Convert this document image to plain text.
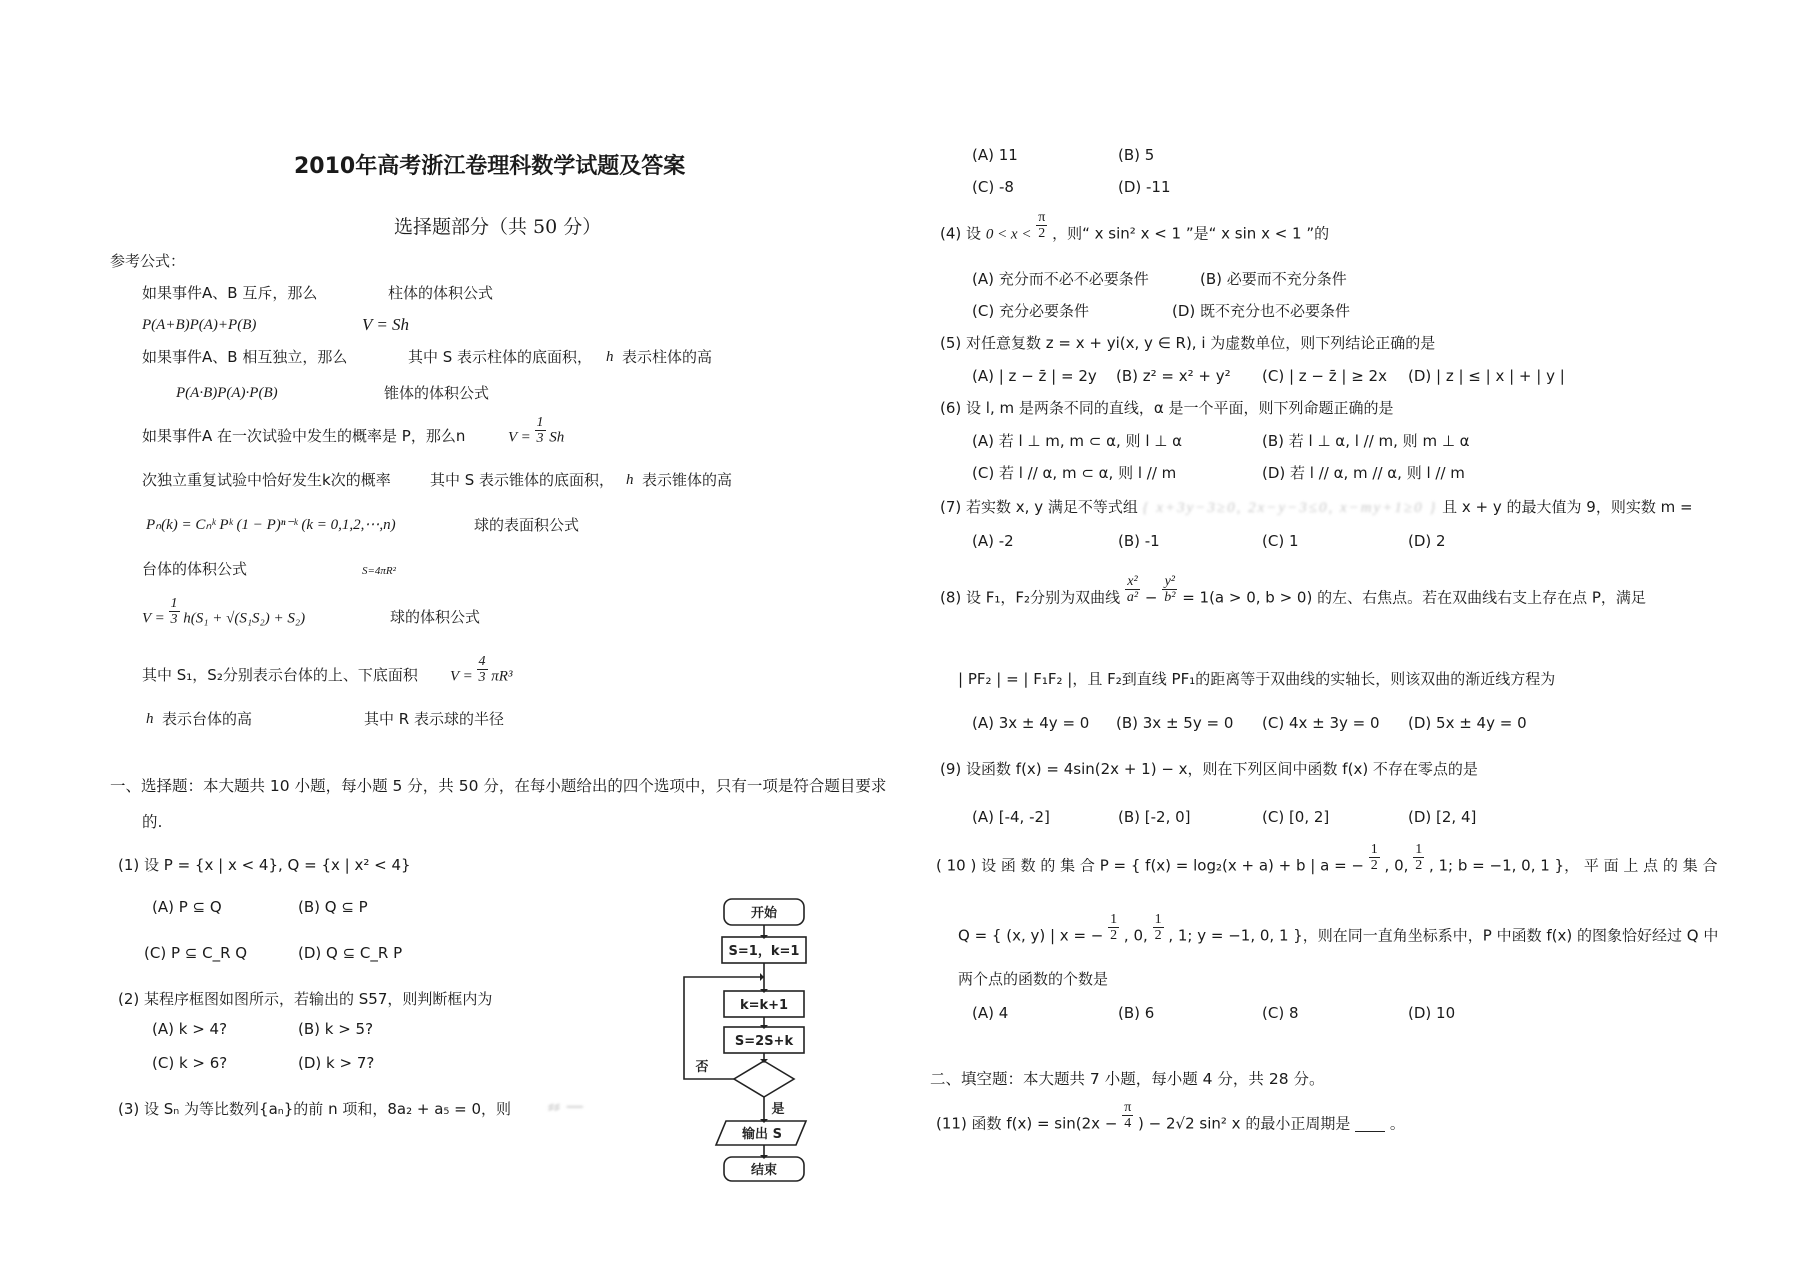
2010年高考浙江卷理科数学试题及答案
选择题部分（共 50 分）
参考公式：
如果事件A、B 互斥，那么	柱体的体积公式
P(A+B)P(A)+P(B)	V = Sh
如果事件A、B 相互独立，那么	其中 S 表示柱体的底面积， h 表示柱体的高
P(A·B)P(A)·P(B)	锥体的体积公式
如果事件A 在一次试验中发生的概率是 P，那么n	$V = \frac{1}{3}$ Sh
次独立重复试验中恰好发生k次的概率	其中 S 表示锥体的底面积， h 表示锥体的高
Pₙ(k) = Cₙᵏ Pᵏ (1 − P)ⁿ⁻ᵏ (k = 0,1,2,⋯,n)	球的表面积公式
台体的体积公式	S=4πR²
$V = \frac{1}{3} h(S_1 + √(S_1S_2) + S_2)$	球的体积公式
其中 S₁，S₂分别表示台体的上、下底面积 $V = \frac{4}{3} \pi R^3$
h 表示台体的高	其中 R 表示球的半径
一、选择题：本大题共 10 小题，每小题 5 分，共 50 分，在每小题给出的四个选项中，只有一项是符合题目要求
的.
(1) 设 P = {x | x < 4}, Q = {x | x² < 4}
(A) P ⊆ Q	(B) Q ⊆ P
(C) P ⊆ C_R Q	(D) Q ⊆ C_R P
(2) 某程序框图如图所示，若输出的 S57，则判断框内为
(A) k > 4?	(B) k > 5?
(C) k > 6?	(D) k > 7?
(3) 设 Sₙ 为等比数列{aₙ}的前 n 项和，8a₂ + a₅ = 0，则 ⸗⸗ —
开始
S=1，k=1
k=k+1
S=2S+k
否
是
输出 S
结束
(A) 11	(B) 5
(C) -8	(D) -11
(4) 设 $0 < x < \frac{\pi}{2}$ ，则“ x sin² x < 1 ”是“ x sin x < 1 ”的
(A) 充分而不必不必要条件	(B) 必要而不充分条件
(C) 充分必要条件	(D) 既不充分也不必要条件
(5) 对任意复数 z = x + yi(x, y ∈ R), i 为虚数单位，则下列结论正确的是
(A) | z − z̄ | = 2y (B) z² = x² + y² (C) | z − z̄ | ≥ 2x (D) | z | ≤ | x | + | y |
(6) 设 l, m 是两条不同的直线，α 是一个平面，则下列命题正确的是
(A) 若 l ⊥ m, m ⊂ α, 则 l ⊥ α	(B) 若 l ⊥ α, l // m, 则 m ⊥ α
(C) 若 l // α, m ⊂ α, 则 l // m	(D) 若 l // α, m // α, 则 l // m
(7) 若实数 x, y 满足不等式组 { x+3y−3≥0, 2x−y−3≤0, x−my+1≥0 } 且 x + y 的最大值为 9，则实数 m =
(A) -2	(B) -1	(C) 1	(D) 2
(8) 设 F₁，F₂分别为双曲线 $\frac{\text{x²}}{\text{a²}} - \frac{\text{y²}}{\text{b²}} = 1(a > 0$, b > 0) 的左、右焦点。若在双曲线右支上存在点 P，满足
| PF₂ | = | F₁F₂ |，且 F₂到直线 PF₁的距离等于双曲线的实轴长，则该双曲的渐近线方程为
(A) 3x ± 4y = 0 (B) 3x ± 5y = 0 (C) 4x ± 3y = 0 (D) 5x ± 4y = 0
(9) 设函数 f(x) = 4sin(2x + 1) − x，则在下列区间中函数 f(x) 不存在零点的是
(A) [-4, -2]	(B) [-2, 0]	(C) [0, 2]	(D) [2, 4]
( 10 ) 设 函 数 的 集 合 P = { f(x) = log₂(x + a) + b | a = − $\frac{1}{2}$ , 0, $\frac{1}{2}$ , 1; b = −1, 0, 1 }， 平 面 上 点 的 集 合
Q = { (x, y) | x = − $\frac{1}{2}$ , 0, $\frac{1}{2}$ , 1; y = −1, 0, 1 }，则在同一直角坐标系中，P 中函数 f(x) 的图象恰好经过 Q 中
两个点的函数的个数是
(A) 4	(B) 6	(C) 8	(D) 10
二、填空题：本大题共 7 小题，每小题 4 分，共 28 分。
(11) 函数 $f(x) = \sin(2x - \frac{\pi}{4}$ ) − 2√2 sin² x 的最小正周期是	。
